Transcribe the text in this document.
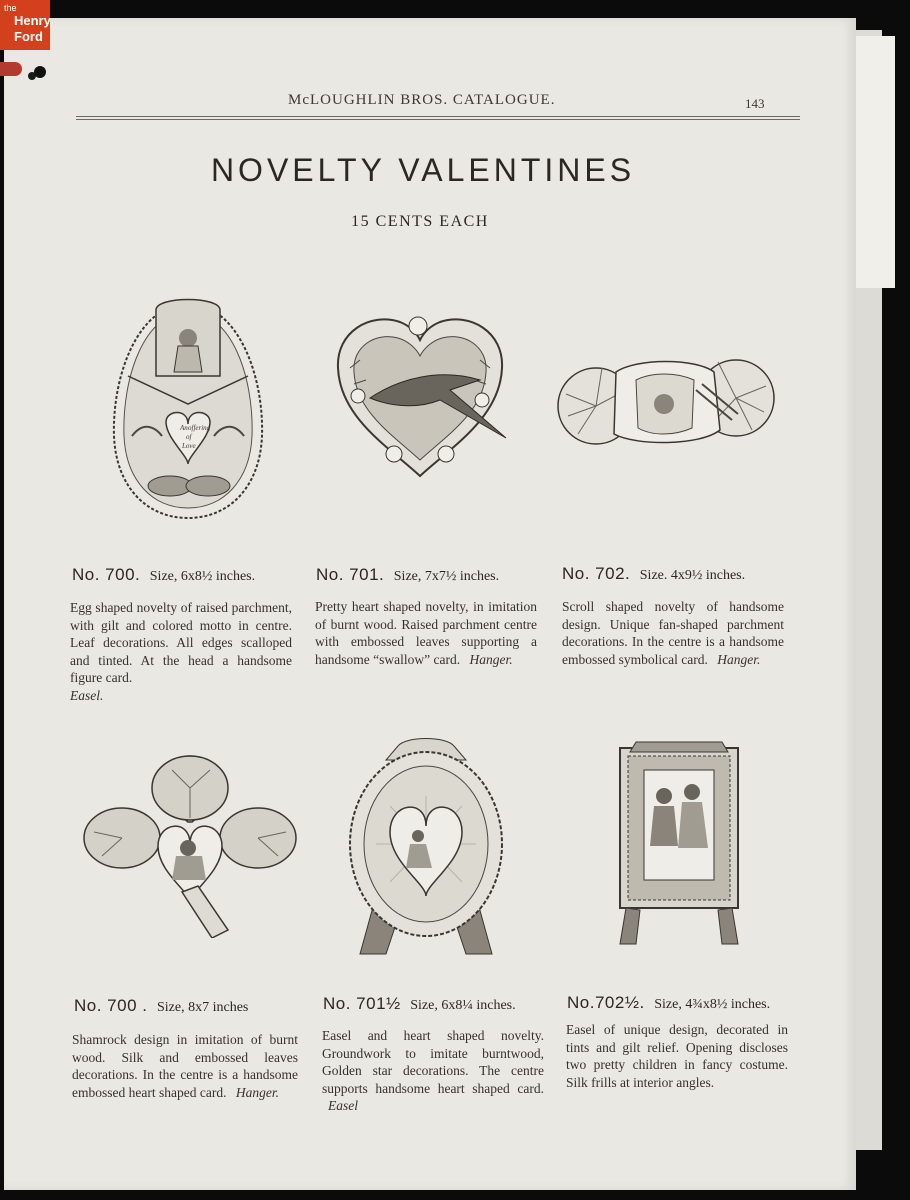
the
Henry
Ford
McLOUGHLIN BROS. CATALOGUE.	143
NOVELTY VALENTINES
15 CENTS EACH
An offering
of
Love
No. 700. Size, 6x8½ inches.	No. 701. Size, 7x7½ inches.	No. 702. Size. 4x9½ inches.
Egg shaped novelty of raised parchment, with gilt and colored motto in centre. Leaf decorations. All edges scalloped and tinted. At the head a handsome figure card.
Easel.
Pretty heart shaped novelty, in imitation of burnt wood. Raised parchment centre with embossed leaves supporting a handsome “swallow” card. Hanger.
Scroll shaped novelty of handsome design. Unique fan-shaped parchment decorations. In the centre is a handsome embossed symbolical card. Hanger.
No. 700 . Size, 8x7 inches	No. 701½ Size, 6x8¼ inches.	No.702½. Size, 4¾x8½ inches.
Shamrock design in imitation of burnt wood. Silk and embossed leaves decorations. In the centre is a handsome embossed heart shaped card. Hanger.
Easel and heart shaped novelty. Groundwork to imitate burntwood, Golden star decorations. The centre supports handsome heart shaped card. Easel
Easel of unique design, decorated in tints and gilt relief. Opening discloses two pretty children in fancy costume. Silk frills at interior angles.
